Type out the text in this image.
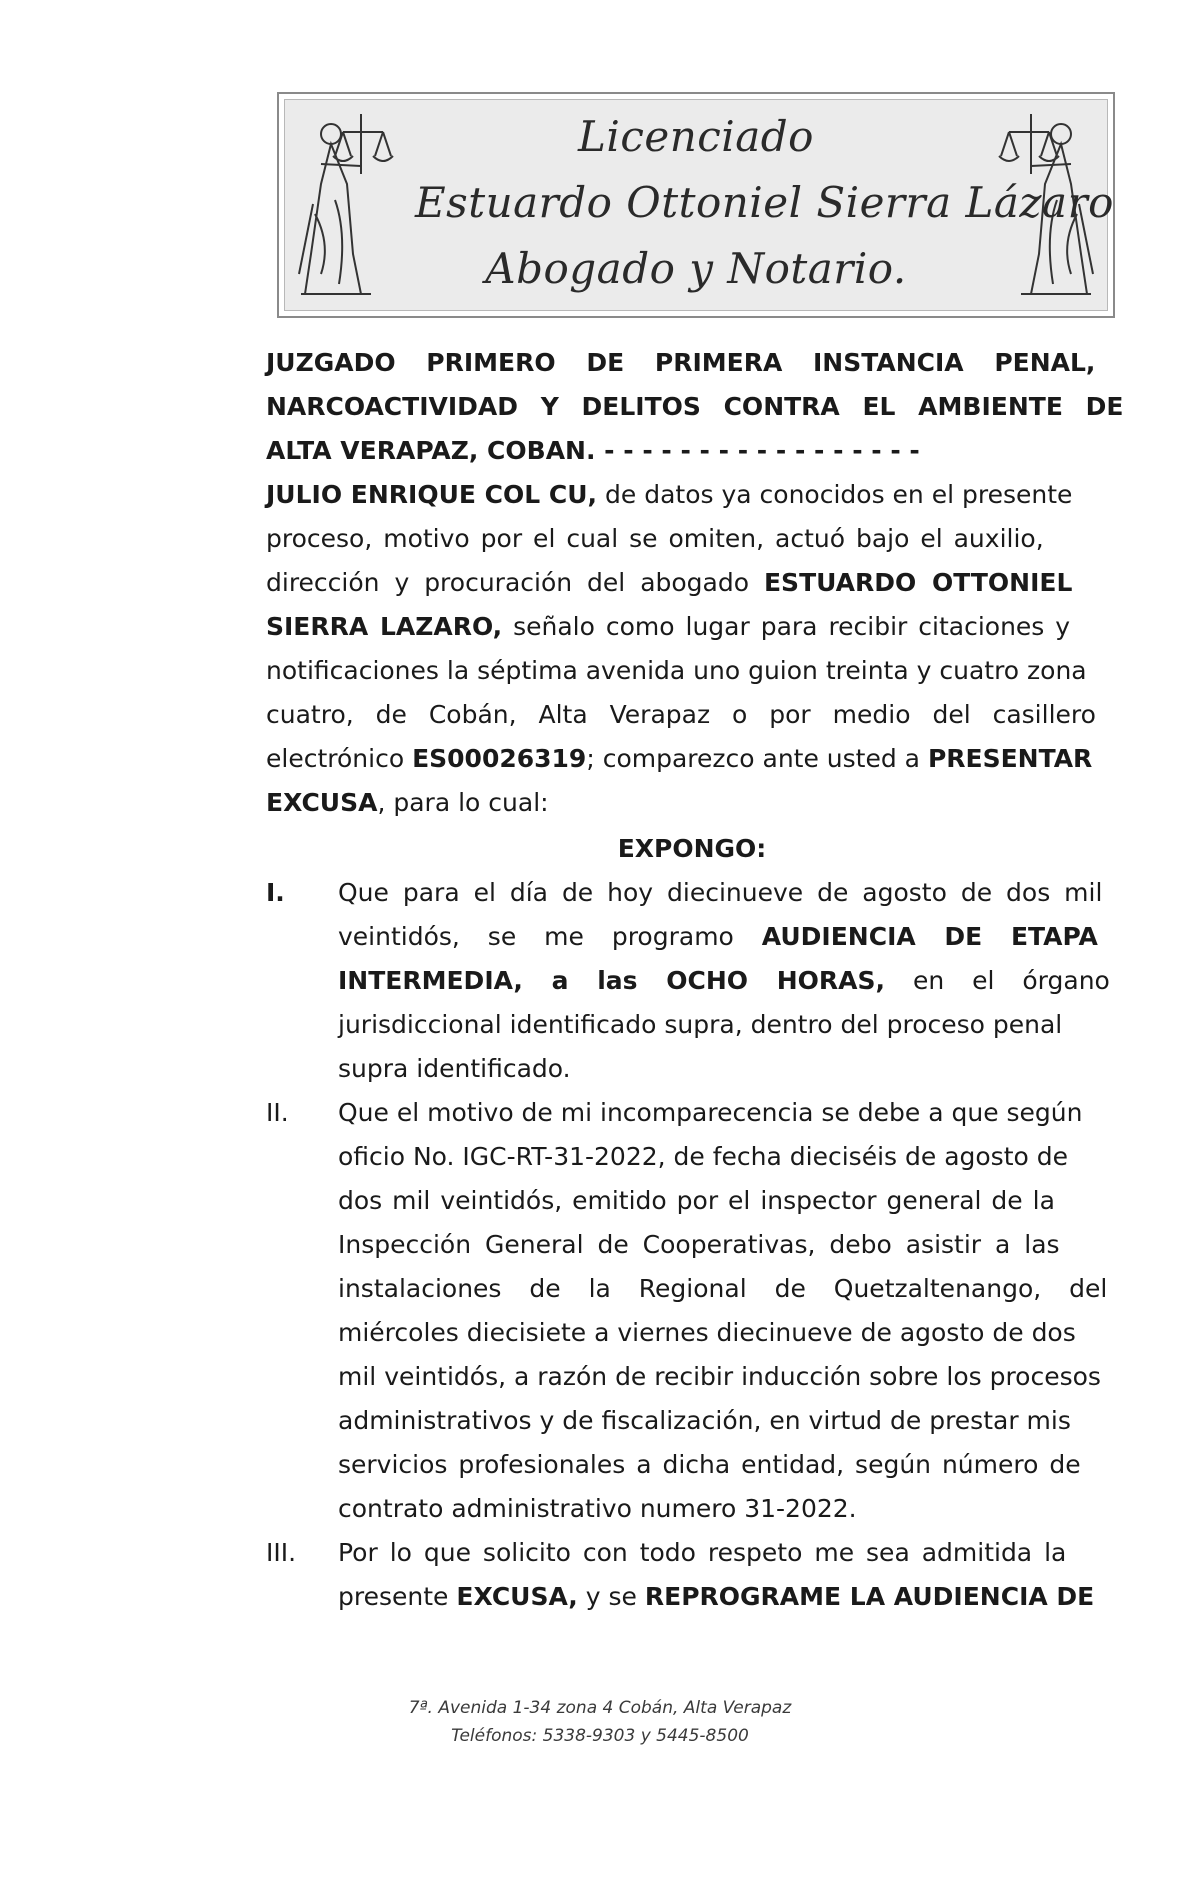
Licenciado
Estuardo Ottoniel Sierra Lázaro
Abogado y Notario.
JUZGADO PRIMERO DE PRIMERA INSTANCIA PENAL,
NARCOACTIVIDAD Y DELITOS CONTRA EL AMBIENTE DE
ALTA VERAPAZ, COBAN. - - - - - - - - - - - - - - - - -
JULIO ENRIQUE COL CU, de datos ya conocidos en el presente
proceso, motivo por el cual se omiten, actuó bajo el auxilio,
dirección y procuración del abogado ESTUARDO OTTONIEL
SIERRA LAZARO, señalo como lugar para recibir citaciones y
notificaciones la séptima avenida uno guion treinta y cuatro zona
cuatro, de Cobán, Alta Verapaz o por medio del casillero
electrónico ES00026319; comparezco ante usted a PRESENTAR
EXCUSA, para lo cual:
EXPONGO:
I.	Que para el día de hoy diecinueve de agosto de dos mil
veintidós, se me programo AUDIENCIA DE ETAPA
INTERMEDIA, a las OCHO HORAS, en el órgano
jurisdiccional identificado supra, dentro del proceso penal
supra identificado.
II.	Que el motivo de mi incomparecencia se debe a que según
oficio No. IGC-RT-31-2022, de fecha dieciséis de agosto de
dos mil veintidós, emitido por el inspector general de la
Inspección General de Cooperativas, debo asistir a las
instalaciones de la Regional de Quetzaltenango, del
miércoles diecisiete a viernes diecinueve de agosto de dos
mil veintidós, a razón de recibir inducción sobre los procesos
administrativos y de fiscalización, en virtud de prestar mis
servicios profesionales a dicha entidad, según número de
contrato administrativo numero 31-2022.
III.	Por lo que solicito con todo respeto me sea admitida la
presente EXCUSA, y se REPROGRAME LA AUDIENCIA DE
7ª. Avenida 1-34 zona 4 Cobán, Alta Verapaz
Teléfonos: 5338-9303 y 5445-8500
